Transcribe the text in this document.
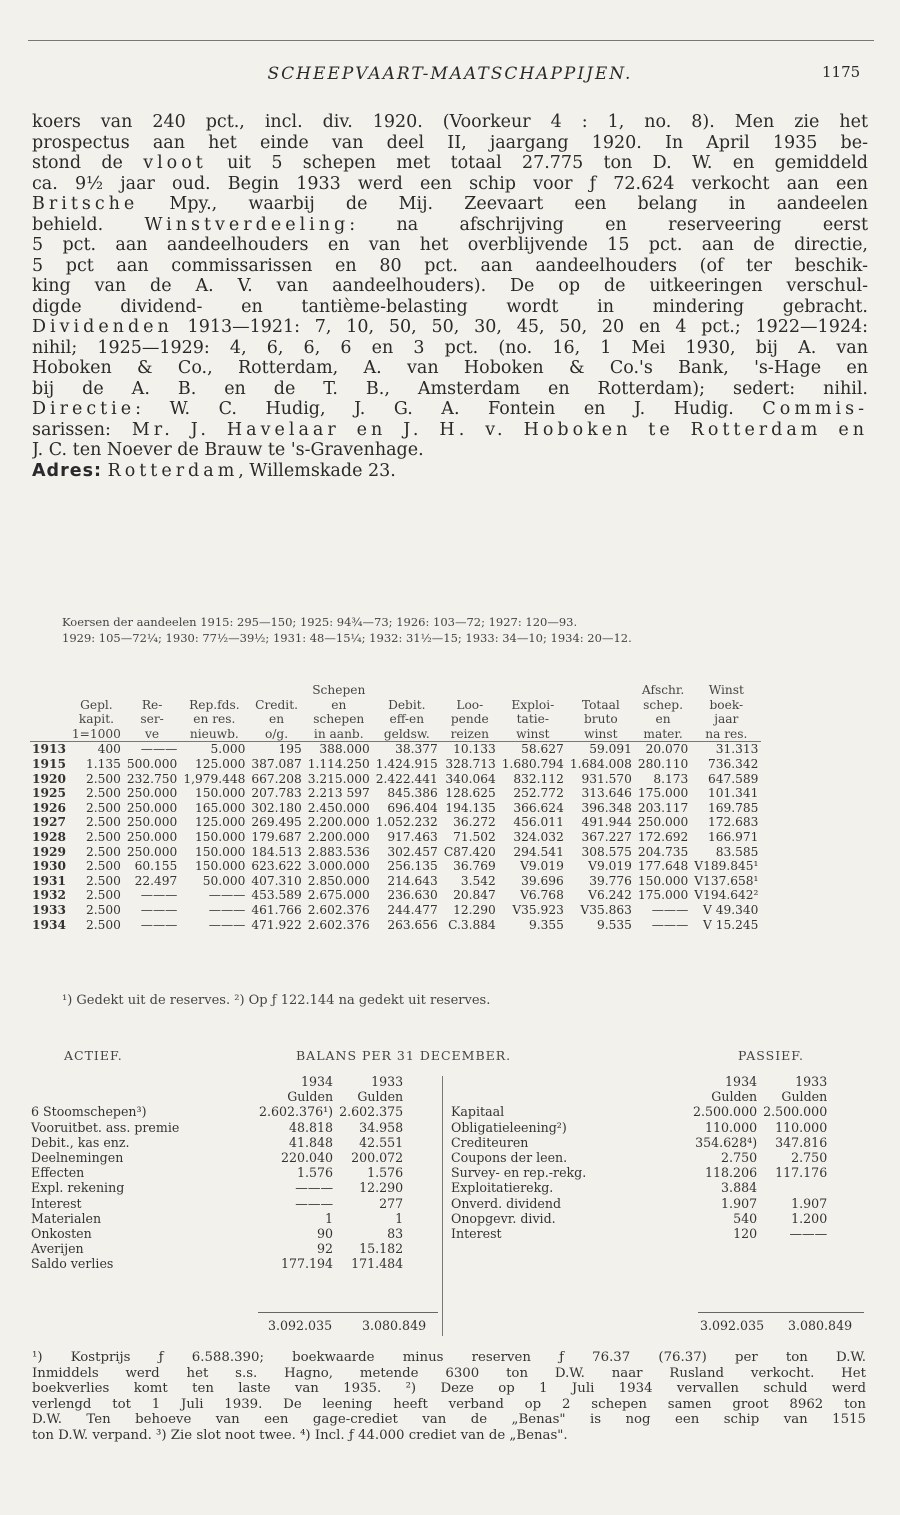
SCHEEPVAART-MAATSCHAPPIJEN.	1175
koers van 240 pct., incl. div. 1920. (Voorkeur 4 : 1, no. 8). Men zie het
prospectus aan het einde van deel II, jaargang 1920. In April 1935 be-
stond de vloot uit 5 schepen met totaal 27.775 ton D. W. en gemiddeld
ca. 9½ jaar oud. Begin 1933 werd een schip voor ƒ 72.624 verkocht aan een
Britsche Mpy., waarbij de Mij. Zeevaart een belang in aandeelen
behield. Winstverdeeling: na afschrijving en reserveering eerst
5 pct. aan aandeelhouders en van het overblijvende 15 pct. aan de directie,
5 pct aan commissarissen en 80 pct. aan aandeelhouders (of ter beschik-
king van de A. V. van aandeelhouders). De op de uitkeeringen verschul-
digde dividend- en tantième-belasting wordt in mindering gebracht.
Dividenden 1913—1921: 7, 10, 50, 50, 30, 45, 50, 20 en 4 pct.; 1922—1924:
nihil; 1925—1929: 4, 6, 6, 6 en 3 pct. (no. 16, 1 Mei 1930, bij A. van
Hoboken & Co., Rotterdam, A. van Hoboken & Co.'s Bank, 's-Hage en
bij de A. B. en de T. B., Amsterdam en Rotterdam); sedert: nihil.
Directie: W. C. Hudig, J. G. A. Fontein en J. Hudig. Commis-
sarissen: Mr. J. Havelaar en J. H. v. Hoboken te Rotterdam en
J. C. ten Noever de Brauw te 's-Gravenhage.
Adres: Rotterdam, Willemskade 23.
Koersen der aandeelen 1915: 295—150; 1925: 94¾—73; 1926: 103—72; 1927: 120—93.
1929: 105—72¼; 1930: 77½—39½; 1931: 48—15¼; 1932: 31½—15; 1933: 34—10; 1934: 20—12.
					Schepen					Afschr.	Winst
	Gepl.	Re-	Rep.fds.	Credit.	en	Debit.	Loo-	Exploi-	Totaal	schep.	boek-
	kapit.	ser-	en res.	en	schepen	eff-en	pende	tatie-	bruto	en	jaar
	1=1000	ve	nieuwb.	o/g.	in aanb.	geldsw.	reizen	winst	winst	mater.	na res.
1913	400	———	5.000	195	388.000	38.377	10.133	58.627	59.091	20.070	31.313
1915	1.135	500.000	125.000	387.087	1.114.250	1.424.915	328.713	1.680.794	1.684.008	280.110	736.342
1920	2.500	232.750	1,979.448	667.208	3.215.000	2.422.441	340.064	832.112	931.570	8.173	647.589
1925	2.500	250.000	150.000	207.783	2.213 597	845.386	128.625	252.772	313.646	175.000	101.341
1926	2.500	250.000	165.000	302.180	2.450.000	696.404	194.135	366.624	396.348	203.117	169.785
1927	2.500	250.000	125.000	269.495	2.200.000	1.052.232	36.272	456.011	491.944	250.000	172.683
1928	2.500	250.000	150.000	179.687	2.200.000	917.463	71.502	324.032	367.227	172.692	166.971
1929	2.500	250.000	150.000	184.513	2.883.536	302.457	C87.420	294.541	308.575	204.735	83.585
1930	2.500	60.155	150.000	623.622	3.000.000	256.135	36.769	V9.019	V9.019	177.648	V189.845¹
1931	2.500	22.497	50.000	407.310	2.850.000	214.643	3.542	39.696	39.776	150.000	V137.658¹
1932	2.500	———	———	453.589	2.675.000	236.630	20.847	V6.768	V6.242	175.000	V194.642²
1933	2.500	———	———	461.766	2.602.376	244.477	12.290	V35.923	V35.863	———	V 49.340
1934	2.500	———	———	471.922	2.602.376	263.656	C.3.884	9.355	9.535	———	V 15.245
¹) Gedekt uit de reserves. ²) Op ƒ 122.144 na gedekt uit reserves.
ACTIEF.	BALANS PER 31 DECEMBER.	PASSIEF.
	1934	1933
	Gulden	Gulden
6 Stoomschepen³)	2.602.376¹)	2.602.375
Vooruitbet. ass. premie	48.818	34.958
Debit., kas enz.	41.848	42.551
Deelnemingen	220.040	200.072
Effecten	1.576	1.576
Expl. rekening	———	12.290
Interest	———	277
Materialen	1	1
Onkosten	90	83
Averijen	92	15.182
Saldo verlies	177.194	171.484
	1934	1933
	Gulden	Gulden
Kapitaal	2.500.000	2.500.000
Obligatieleening²)	110.000	110.000
Crediteuren	354.628⁴)	347.816
Coupons der leen.	2.750	2.750
Survey- en rep.-rekg.	118.206	117.176
Exploitatierekg.	3.884	
Onverd. dividend	1.907	1.907
Onopgevr. divid.	540	1.200
Interest	120	———
3.092.035 3.080.849	3.092.035 3.080.849
¹) Kostprijs ƒ 6.588.390; boekwaarde minus reserven ƒ 76.37 (76.37) per ton D.W.
Inmiddels werd het s.s. Hagno, metende 6300 ton D.W. naar Rusland verkocht. Het
boekverlies komt ten laste van 1935. ²) Deze op 1 Juli 1934 vervallen schuld werd
verlengd tot 1 Juli 1939. De leening heeft verband op 2 schepen samen groot 8962 ton
D.W. Ten behoeve van een gage-crediet van de „Benas" is nog een schip van 1515
ton D.W. verpand. ³) Zie slot noot twee. ⁴) Incl. ƒ 44.000 crediet van de „Benas".
